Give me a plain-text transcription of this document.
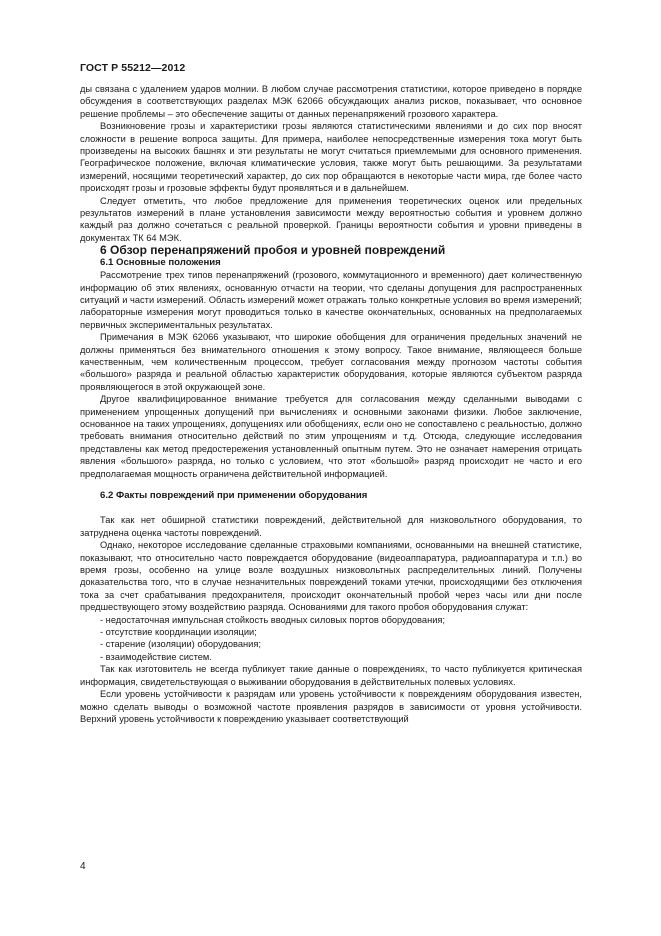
ГОСТ Р 55212—2012

ды связана с удалением ударов молнии. В любом случае рассмотрения статистики, которое приведено в порядке обсуждения в соответствующих разделах МЭК 62066 обсуждающих анализ рисков, показывает, что основное решение проблемы – это обеспечение защиты от данных перенапряжений грозового характера.

Возникновение грозы и характеристики грозы являются статистическими явлениями и до сих пор вносят сложности в решение вопроса защиты. Для примера, наиболее непосредственные измерения тока могут быть произведены на высоких башнях и эти результаты не могут считаться приемлемыми для основного применения. Географическое положение, включая климатические условия, также могут быть решающими. За результатами измерений, носящими теоретический характер, до сих пор обращаются в некоторые части мира, где более часто происходят грозы и грозовые эффекты будут проявляться и в дальнейшем.

Следует отметить, что любое предложение для применения теоретических оценок или предельных результатов измерений в плане установления зависимости между вероятностью события и уровнем должно каждый раз должно сочетаться с реальной проверкой. Границы вероятности события и уровни приведены в документах ТК 64 МЭК.

6 Обзор перенапряжений пробоя и уровней повреждений

6.1 Основные положения

Рассмотрение трех типов перенапряжений (грозового, коммутационного и временного) дает количественную информацию об этих явлениях, основанную отчасти на теории, что сделаны допущения для распространенных ситуаций и части измерений. Область измерений может отражать только конкретные условия во время измерений; лабораторные измерения могут проводиться только в качестве окончательных, основанных на предполагаемых первичных экспериментальных результатах.

Примечания в МЭК 62066 указывают, что широкие обобщения для ограничения предельных значений не должны применяться без внимательного отношения к этому вопросу. Такое внимание, являющееся больше качественным, чем количественным процессом, требует согласования между прогнозом частоты события «большого» разряда и реальной областью характеристик оборудования, которые являются субъектом разряда проявляющегося в этой окружающей зоне.

Другое квалифицированное внимание требуется для согласования между сделанными выводами с применением упрощенных допущений при вычислениях и основными законами физики. Любое заключение, основанное на таких упрощениях, допущениях или обобщениях, если оно не сопоставлено с реальностью, должно требовать внимания относительно действий по этим упрощениям и т.д. Отсюда, следующие исследования представлены как метод предостережения установленный опытным путем. Это не означает намерения отрицать явления «большого» разряда, но только с условием, что этот «большой» разряд происходит не часто и его предполагаемая мощность ограничена действительной информацией.

6.2 Факты повреждений при применении оборудования

Так как нет обширной статистики повреждений, действительной для низковольтного оборудования, то затруднена оценка частоты повреждений.

Однако, некоторое исследование сделанные страховыми компаниями, основанными на внешней статистике, показывают, что относительно часто повреждается оборудование (видеоаппаратура, радиоаппаратура и т.п.) во время грозы, особенно на улице возле воздушных низковольтных распределительных линий. Получены доказательства того, что в случае незначительных повреждений токами утечки, происходящими без отключения тока за счет срабатывания предохранителя, происходит окончательный пробой через часы или дни после предшествующего этому воздействию разряда. Основаниями для такого пробоя оборудования служат:

- недостаточная импульсная стойкость вводных силовых портов оборудования;

- отсутствие координации изоляции;

- старение (изоляции) оборудования;

- взаимодействие систем.

Так как изготовитель не всегда публикует такие данные о повреждениях, то часто публикуется критическая информация, свидетельствующая о выживании оборудования в действительных полевых условиях.

Если уровень устойчивости к разрядам или уровень устойчивости к повреждениям оборудования известен, можно сделать выводы о возможной частоте проявления разрядов в зависимости от уровня устойчивости. Верхний уровень устойчивости к повреждению указывает соответствующий

4
